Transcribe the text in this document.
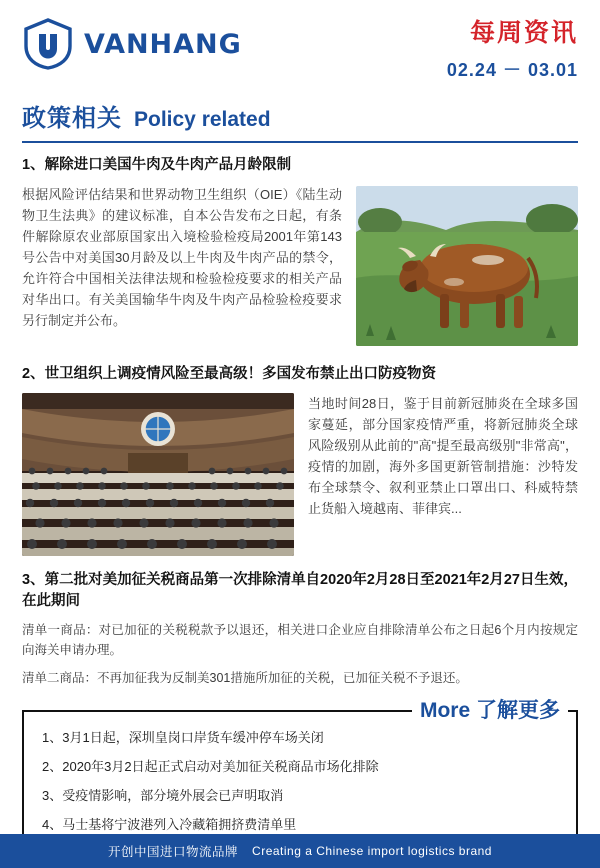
VANHANG	每周资讯
02.24 － 03.01
政策相关 Policy related
1、解除进口美国牛肉及牛肉产品月龄限制
根据风险评估结果和世界动物卫生组织（OIE）《陆生动物卫生法典》的建议标准，自本公告发布之日起，有条件解除原农业部原国家出入境检验检疫局2001年第143号公告中对美国30月龄及以上牛肉及牛肉产品的禁令，允许符合中国相关法律法规和检验检疫要求的相关产品对华出口。有关美国输华牛肉及牛肉产品检验检疫要求另行制定并公布。
2、世卫组织上调疫情风险至最高级！多国发布禁止出口防疫物资
当地时间28日，鉴于目前新冠肺炎在全球多国家蔓延，部分国家疫情严重，将新冠肺炎全球风险级别从此前的"高"提至最高级别"非常高"，疫情的加剧，海外多国更新管制措施：沙特发布全球禁令、叙利亚禁止口罩出口、科威特禁止货船入境越南、菲律宾...
3、第二批对美加征关税商品第一次排除清单自2020年2月28日至2021年2月27日生效，在此期间
清单一商品：对已加征的关税税款予以退还，相关进口企业应自排除清单公布之日起6个月内按规定向海关申请办理。
清单二商品：不再加征我为反制美301措施所加征的关税，已加征关税不予退还。
More 了解更多
1、3月1日起，深圳皇岗口岸货车缓冲停车场关闭
2、2020年3月2日起正式启动对美加征关税商品市场化排除
3、受疫情影响，部分境外展会已声明取消
4、马士基将宁波港列入冷藏箱拥挤费清单里
开创中国进口物流品牌 Creating a Chinese import logistics brand
